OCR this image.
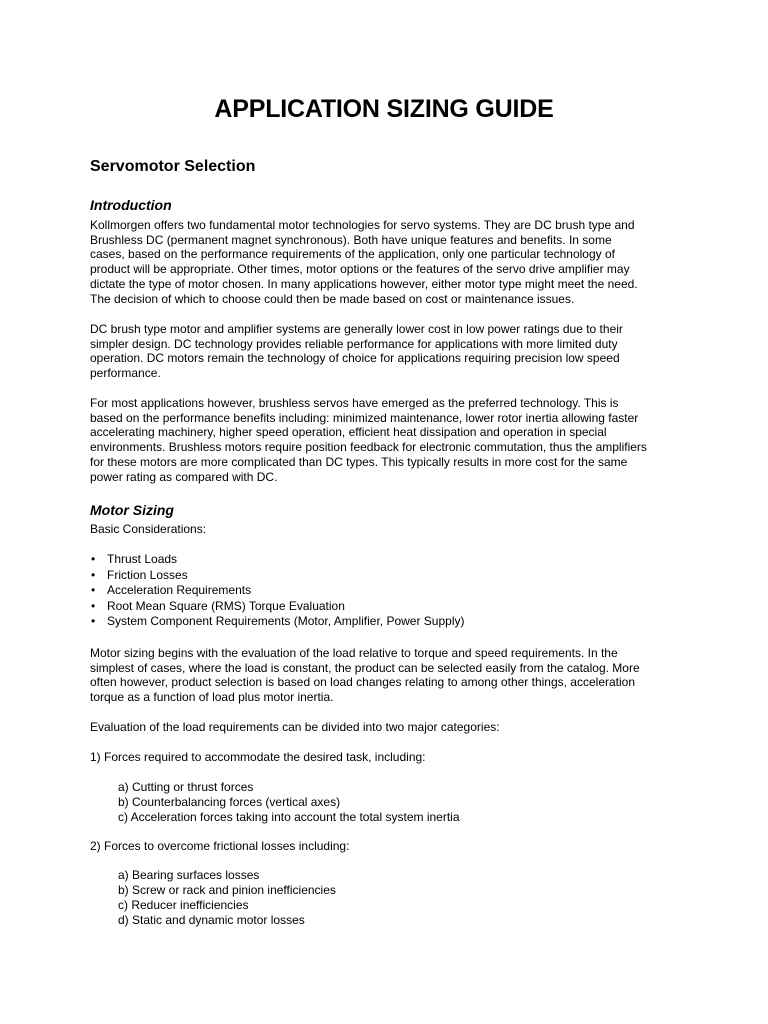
APPLICATION SIZING GUIDE
Servomotor Selection
Introduction

Kollmorgen offers two fundamental motor technologies for servo systems. They are DC brush type and
Brushless DC (permanent magnet synchronous). Both have unique features and benefits. In some
cases, based on the performance requirements of the application, only one particular technology of
product will be appropriate. Other times, motor options or the features of the servo drive amplifier may
dictate the type of motor chosen. In many applications however, either motor type might meet the need.
The decision of which to choose could then be made based on cost or maintenance issues.

DC brush type motor and amplifier systems are generally lower cost in low power ratings due to their
simpler design. DC technology provides reliable performance for applications with more limited duty
operation. DC motors remain the technology of choice for applications requiring precision low speed
performance.

For most applications however, brushless servos have emerged as the preferred technology. This is
based on the performance benefits including: minimized maintenance, lower rotor inertia allowing faster
accelerating machinery, higher speed operation, efficient heat dissipation and operation in special
environments. Brushless motors require position feedback for electronic commutation, thus the amplifiers
for these motors are more complicated than DC types. This typically results in more cost for the same
power rating as compared with DC.

Motor Sizing

Basic Considerations:

• Thrust Loads
• Friction Losses
• Acceleration Requirements
• Root Mean Square (RMS) Torque Evaluation
• System Component Requirements (Motor, Amplifier, Power Supply)

Motor sizing begins with the evaluation of the load relative to torque and speed requirements. In the
simplest of cases, where the load is constant, the product can be selected easily from the catalog. More
often however, product selection is based on load changes relating to among other things, acceleration
torque as a function of load plus motor inertia.

Evaluation of the load requirements can be divided into two major categories:

1) Forces required to accommodate the desired task, including:

a) Cutting or thrust forces

b) Counterbalancing forces (vertical axes)

c) Acceleration forces taking into account the total system inertia

2) Forces to overcome frictional losses including:

a) Bearing surfaces losses

b) Screw or rack and pinion inefficiencies

c) Reducer inefficiencies

d) Static and dynamic motor losses
